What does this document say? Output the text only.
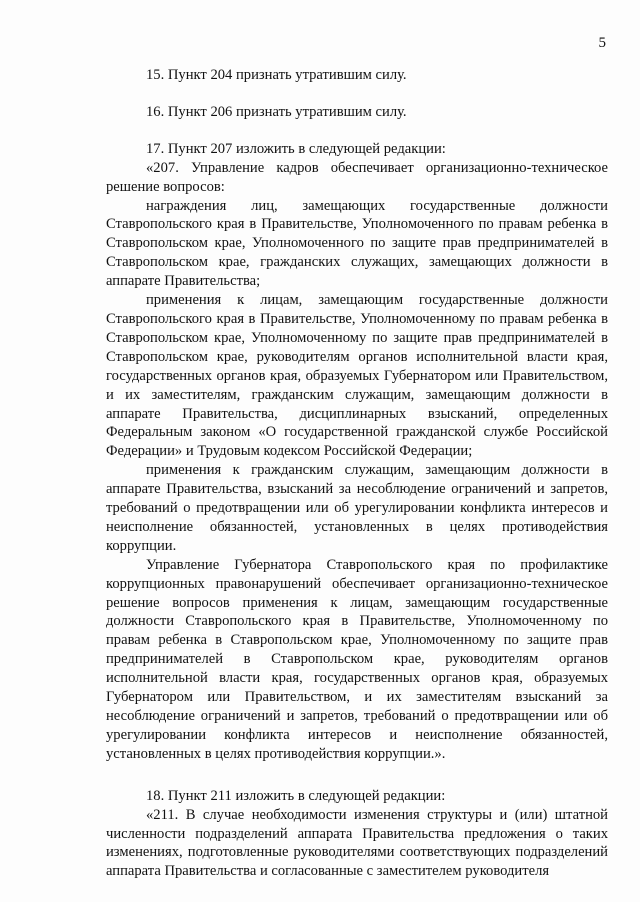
5

15. Пункт 204 признать утратившим силу.

16. Пункт 206 признать утратившим силу.

17. Пункт 207 изложить в следующей редакции:

«207. Управление кадров обеспечивает организационно-техническое решение вопросов:

награждения лиц, замещающих государственные должности Ставропольского края в Правительстве, Уполномоченного по правам ребенка в Ставропольском крае, Уполномоченного по защите прав предпринимателей в Ставропольском крае, гражданских служащих, замещающих должности в аппарате Правительства;

применения к лицам, замещающим государственные должности Ставропольского края в Правительстве, Уполномоченному по правам ребенка в Ставропольском крае, Уполномоченному по защите прав предпринимателей в Ставропольском крае, руководителям органов исполнительной власти края, государственных органов края, образуемых Губернатором или Правительством, и их заместителям, гражданским служащим, замещающим должности в аппарате Правительства, дисциплинарных взысканий, определенных Федеральным законом «О государственной гражданской службе Российской Федерации» и Трудовым кодексом Российской Федерации;

применения к гражданским служащим, замещающим должности в аппарате Правительства, взысканий за несоблюдение ограничений и запретов, требований о предотвращении или об урегулировании конфликта интересов и неисполнение обязанностей, установленных в целях противодействия коррупции.

Управление Губернатора Ставропольского края по профилактике коррупционных правонарушений обеспечивает организационно-техническое решение вопросов применения к лицам, замещающим государственные должности Ставропольского края в Правительстве, Уполномоченному по правам ребенка в Ставропольском крае, Уполномоченному по защите прав предпринимателей в Ставропольском крае, руководителям органов исполнительной власти края, государственных органов края, образуемых Губернатором или Правительством, и их заместителям взысканий за несоблюдение ограничений и запретов, требований о предотвращении или об урегулировании конфликта интересов и неисполнение обязанностей, установленных в целях противодействия коррупции.».

18. Пункт 211 изложить в следующей редакции:

«211. В случае необходимости изменения структуры и (или) штатной численности подразделений аппарата Правительства предложения о таких изменениях, подготовленные руководителями соответствующих подразделений аппарата Правительства и согласованные с заместителем руководителя
